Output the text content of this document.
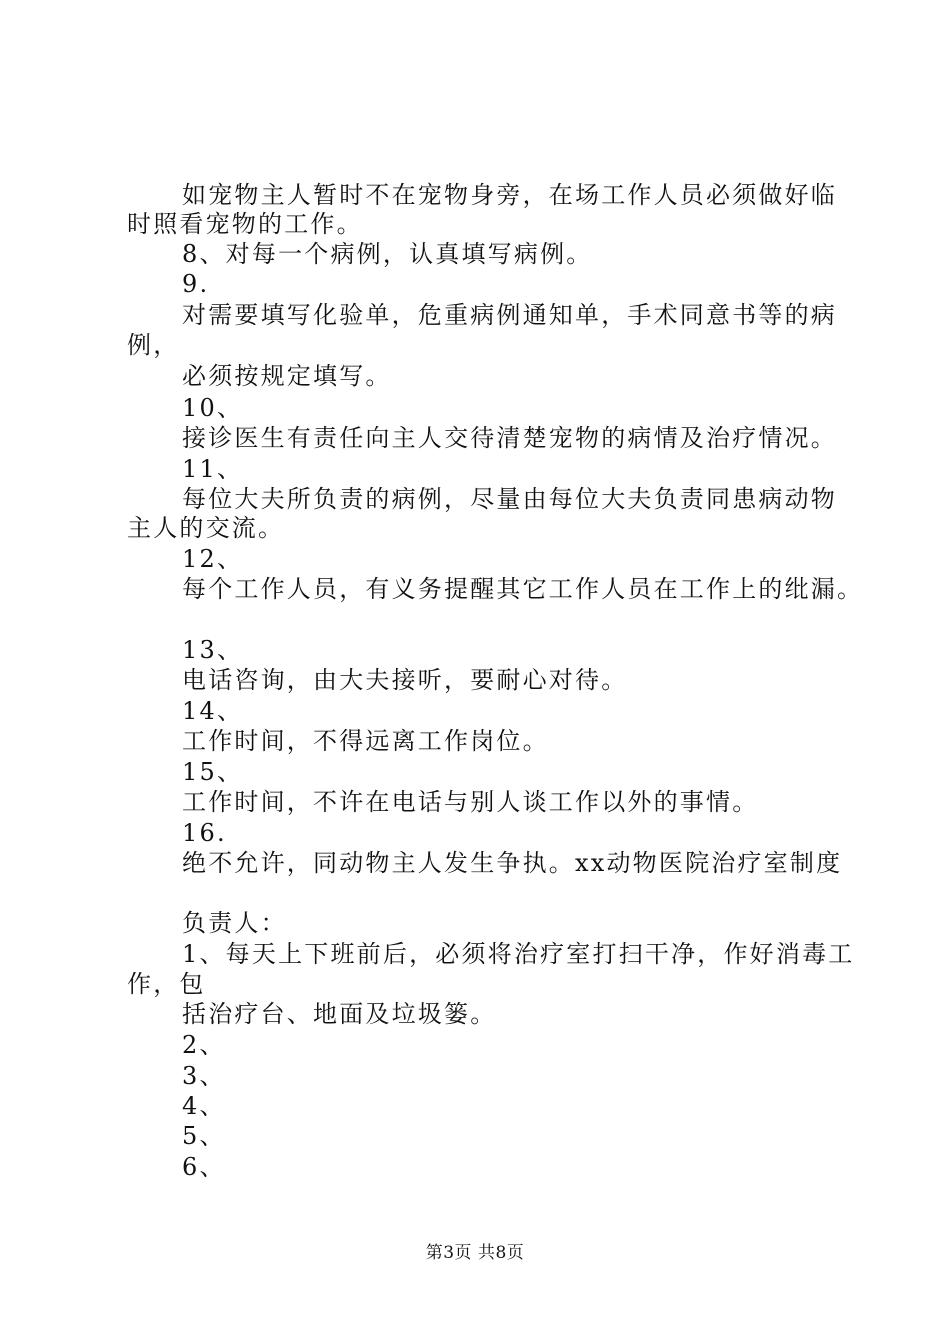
如宠物主人暂时不在宠物身旁，在场工作人员必须做好临
时照看宠物的工作。
8、对每一个病例，认真填写病例。
9.
对需要填写化验单，危重病例通知单，手术同意书等的病
例，
必须按规定填写。
10、
接诊医生有责任向主人交待清楚宠物的病情及治疗情况。
11、
每位大夫所负责的病例，尽量由每位大夫负责同患病动物
主人的交流。
12、
每个工作人员，有义务提醒其它工作人员在工作上的纰漏。
13、
电话咨询，由大夫接听，要耐心对待。
14、
工作时间，不得远离工作岗位。
15、
工作时间，不许在电话与别人谈工作以外的事情。
16.
绝不允许，同动物主人发生争执。xx动物医院治疗室制度
负责人：
1、每天上下班前后，必须将治疗室打扫干净，作好消毒工
作，包
括治疗台、地面及垃圾篓。
2、
3、
4、
5、
6、
第3页 共8页
